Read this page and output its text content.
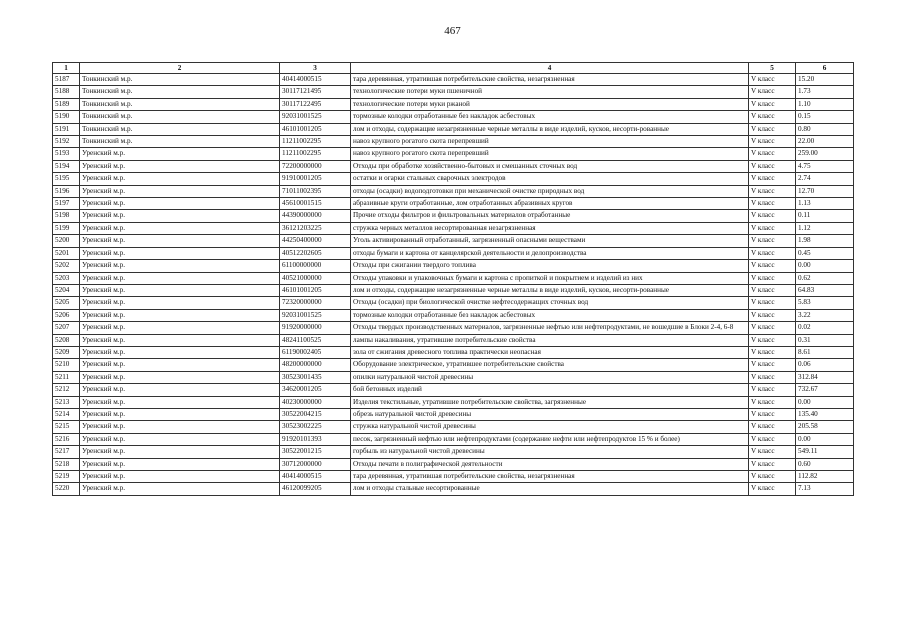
467
1	2	3	4	5	6
5187	Тонкинский м.р.	40414000515	тара деревянная, утратившая потребительские свойства, незагрязненная	V класс	15.20
5188	Тонкинский м.р.	30117121495	технологические потери муки пшеничной	V класс	1.73
5189	Тонкинский м.р.	30117122495	технологические потери муки ржаной	V класс	1.10
5190	Тонкинский м.р.	92031001525	тормозные колодки отработанные без накладок асбестовых	V класс	0.15
5191	Тонкинский м.р.	46101001205	лом и отходы, содержащие незагрязненные черные металлы в виде изделий, кусков, несорти-рованные	V класс	0.80
5192	Тонкинский м.р.	11211002295	навоз крупного рогатого скота перепревший	V класс	22.00
5193	Уренский м.р.	11211002295	навоз крупного рогатого скота перепревший	V класс	259.00
5194	Уренский м.р.	72200000000	Отходы при обработке хозяйственно-бытовых и смешанных сточных вод	V класс	4.75
5195	Уренский м.р.	91910001205	остатки и огарки стальных сварочных электродов	V класс	2.74
5196	Уренский м.р.	71011002395	отходы (осадки) водоподготовки при механической очистке природных вод	V класс	12.70
5197	Уренский м.р.	45610001515	абразивные круги отработанные, лом отработанных абразивных кругов	V класс	1.13
5198	Уренский м.р.	44390000000	Прочие отходы фильтров и фильтровальных материалов отработанные	V класс	0.11
5199	Уренский м.р.	36121203225	стружка черных металлов несортированная незагрязненная	V класс	1.12
5200	Уренский м.р.	44250400000	Уголь активированный отработанный, загрязненный опасными веществами	V класс	1.98
5201	Уренский м.р.	40512202605	отходы бумаги и картона от канцелярской деятельности и делопроизводства	V класс	0.45
5202	Уренский м.р.	61100000000	Отходы при сжигании твердого топлива	V класс	0.00
5203	Уренский м.р.	40521000000	Отходы упаковки и упаковочных бумаги и картона с пропиткой и покрытием и изделий из них	V класс	0.62
5204	Уренский м.р.	46101001205	лом и отходы, содержащие незагрязненные черные металлы в виде изделий, кусков, несорти-рованные	V класс	64.83
5205	Уренский м.р.	72320000000	Отходы (осадки) при биологической очистке нефтесодержащих сточных вод	V класс	5.83
5206	Уренский м.р.	92031001525	тормозные колодки отработанные без накладок асбестовых	V класс	3.22
5207	Уренский м.р.	91920000000	Отходы твердых производственных материалов, загрязненные нефтью или нефтепродуктами, не вошедшие в Блоки 2-4, 6-8	V класс	0.02
5208	Уренский м.р.	48241100525	лампы накаливания, утратившие потребительские свойства	V класс	0.31
5209	Уренский м.р.	61190002405	зола от сжигания древесного топлива практически неопасная	V класс	8.61
5210	Уренский м.р.	48200000000	Оборудование электрическое, утратившее потребительские свойства	V класс	0.06
5211	Уренский м.р.	30523001435	опилки натуральной чистой древесины	V класс	312.84
5212	Уренский м.р.	34620001205	бой бетонных изделий	V класс	732.67
5213	Уренский м.р.	40230000000	Изделия текстильные, утратившие потребительские свойства, загрязненные	V класс	0.00
5214	Уренский м.р.	30522004215	обрезь натуральной чистой древесины	V класс	135.40
5215	Уренский м.р.	30523002225	стружка натуральной чистой древесины	V класс	205.58
5216	Уренский м.р.	91920101393	песок, загрязненный нефтью или нефтепродуктами (содержание нефти или нефтепродуктов 15 % и более)	V класс	0.00
5217	Уренский м.р.	30522001215	горбыль из натуральной чистой древесины	V класс	549.11
5218	Уренский м.р.	30712000000	Отходы печати в полиграфической деятельности	V класс	0.60
5219	Уренский м.р.	40414000515	тара деревянная, утратившая потребительские свойства, незагрязненная	V класс	112.82
5220	Уренский м.р.	46120099205	лом и отходы стальные несортированные	V класс	7.13
